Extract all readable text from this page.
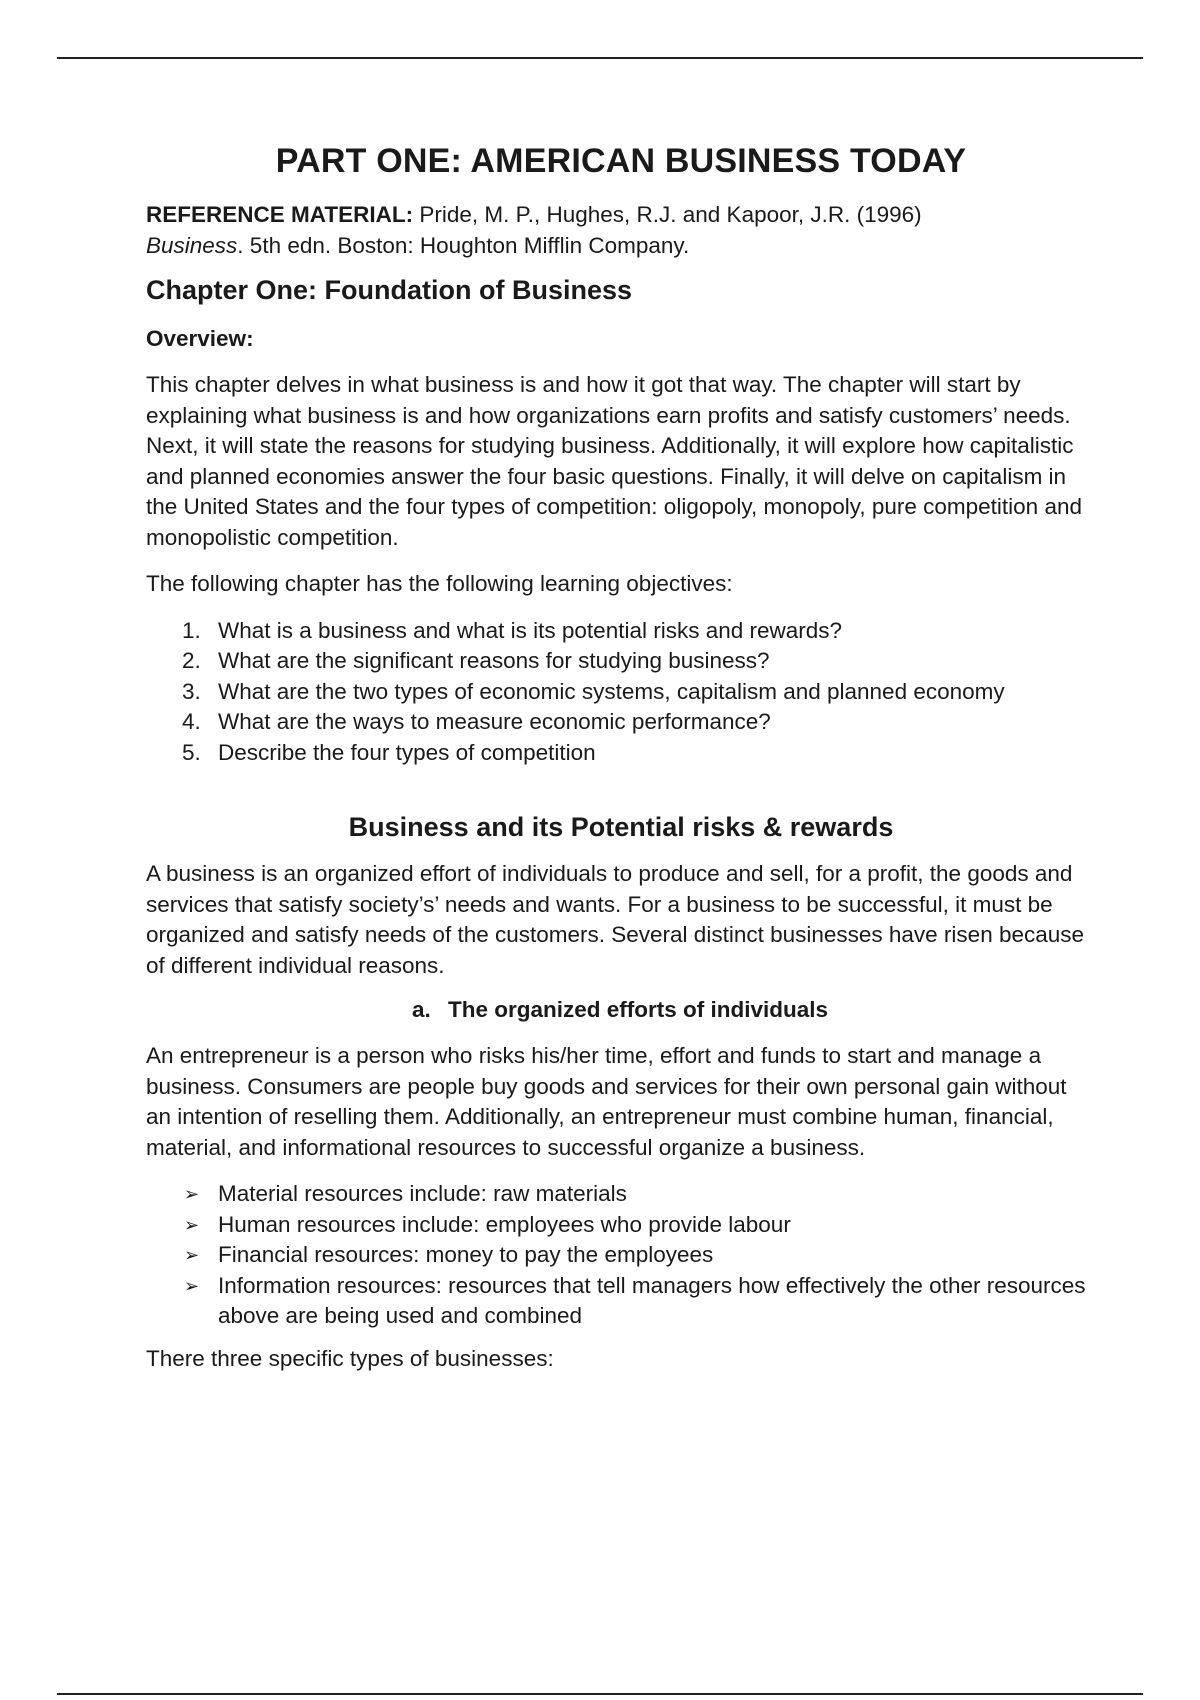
PART ONE: AMERICAN BUSINESS TODAY

REFERENCE MATERIAL: Pride, M. P., Hughes, R.J. and Kapoor, J.R. (1996)
Business. 5th edn. Boston: Houghton Mifflin Company.

Chapter One: Foundation of Business
Overview:

This chapter delves in what business is and how it got that way. The chapter will start by explaining what business is and how organizations earn profits and satisfy customers’ needs. Next, it will state the reasons for studying business. Additionally, it will explore how capitalistic and planned economies answer the four basic questions. Finally, it will delve on capitalism in the United States and the four types of competition: oligopoly, monopoly, pure competition and monopolistic competition.

The following chapter has the following learning objectives:

1. What is a business and what is its potential risks and rewards?
2. What are the significant reasons for studying business?
3. What are the two types of economic systems, capitalism and planned economy
4. What are the ways to measure economic performance?
5. Describe the four types of competition
Business and its Potential risks & rewards

A business is an organized effort of individuals to produce and sell, for a profit, the goods and services that satisfy society’s’ needs and wants. For a business to be successful, it must be organized and satisfy needs of the customers. Several distinct businesses have risen because of different individual reasons.

a. The organized efforts of individuals

An entrepreneur is a person who risks his/her time, effort and funds to start and manage a business. Consumers are people buy goods and services for their own personal gain without an intention of reselling them. Additionally, an entrepreneur must combine human, financial, material, and informational resources to successful organize a business.

➢ Material resources include: raw materials
➢ Human resources include: employees who provide labour
➢ Financial resources: money to pay the employees
➢ Information resources: resources that tell managers how effectively the other resources above are being used and combined

There three specific types of businesses:
